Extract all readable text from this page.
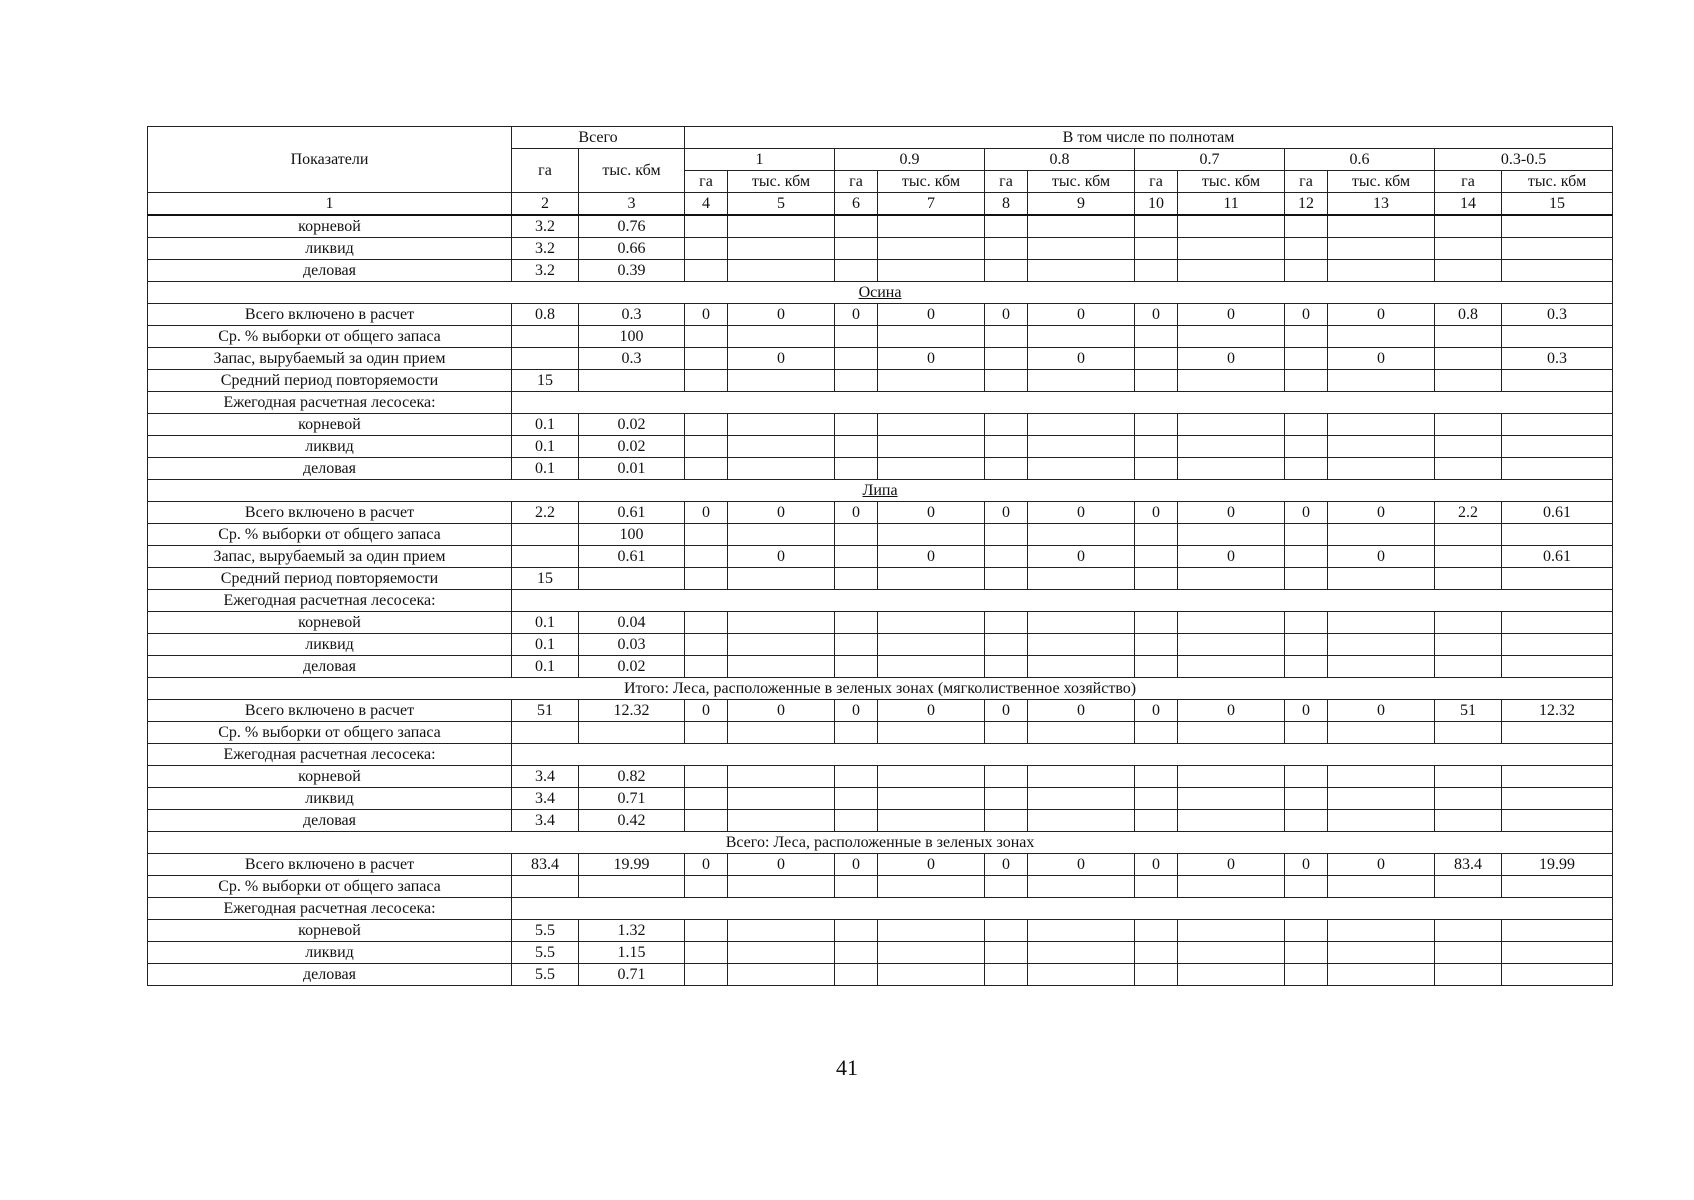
Показатели	Всего		В том числе по полнотам											
	га	тыс. кбм	1		0.9		0.8		0.7		0.6		0.3-0.5	
			га	тыс. кбм	га	тыс. кбм	га	тыс. кбм	га	тыс. кбм	га	тыс. кбм	га	тыс. кбм
1	2	3	4	5	6	7	8	9	10	11	12	13	14	15
корневой	3.2	0.76												
ликвид	3.2	0.66												
деловая	3.2	0.39												
Осина														
Всего включено в расчет	0.8	0.3	0	0	0	0	0	0	0	0	0	0	0.8	0.3
Ср. % выборки от общего запаса		100												
Запас, вырубаемый за один прием		0.3		0		0		0		0		0		0.3
Средний период повторяемости	15													
Ежегодная расчетная лесосека:														
корневой	0.1	0.02												
ликвид	0.1	0.02												
деловая	0.1	0.01												
Липа														
Всего включено в расчет	2.2	0.61	0	0	0	0	0	0	0	0	0	0	2.2	0.61
Ср. % выборки от общего запаса		100												
Запас, вырубаемый за один прием		0.61		0		0		0		0		0		0.61
Средний период повторяемости	15													
Ежегодная расчетная лесосека:														
корневой	0.1	0.04												
ликвид	0.1	0.03												
деловая	0.1	0.02												
Итого: Леса, расположенные в зеленых зонах (мягколиственное хозяйство)														
Всего включено в расчет	51	12.32	0	0	0	0	0	0	0	0	0	0	51	12.32
Ср. % выборки от общего запаса														
Ежегодная расчетная лесосека:														
корневой	3.4	0.82												
ликвид	3.4	0.71												
деловая	3.4	0.42												
Всего: Леса, расположенные в зеленых зонах														
Всего включено в расчет	83.4	19.99	0	0	0	0	0	0	0	0	0	0	83.4	19.99
Ср. % выборки от общего запаса														
Ежегодная расчетная лесосека:														
корневой	5.5	1.32												
ликвид	5.5	1.15												
деловая	5.5	0.71												
41
